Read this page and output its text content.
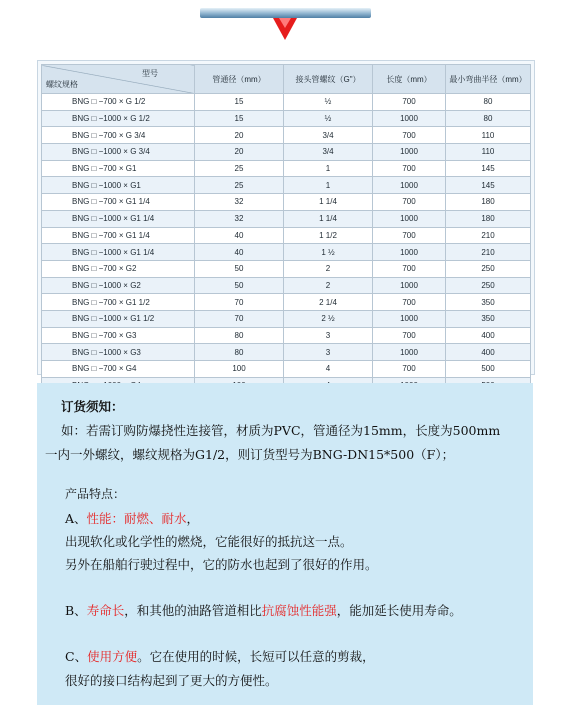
型号
螺纹规格	管通径（mm）	接头管螺纹（G"）	长度（mm）	最小弯曲半径（mm）
BNG □ −700 × G 1/2	15	½	700	80
BNG □ −1000 × G 1/2	15	½	1000	80
BNG □ −700 × G 3/4	20	3/4	700	110
BNG □ −1000 × G 3/4	20	3/4	1000	110
BNG □ −700 × G1	25	1	700	145
BNG □ −1000 × G1	25	1	1000	145
BNG □ −700 × G1 1/4	32	1 1/4	700	180
BNG □ −1000 × G1 1/4	32	1 1/4	1000	180
BNG □ −700 × G1 1/4	40	1 1/2	700	210
BNG □ −1000 × G1 1/4	40	1 ½	1000	210
BNG □ −700 × G2	50	2	700	250
BNG □ −1000 × G2	50	2	1000	250
BNG □ −700 × G1 1/2	70	2 1/4	700	350
BNG □ −1000 × G1 1/2	70	2 ½	1000	350
BNG □ −700 × G3	80	3	700	400
BNG □ −1000 × G3	80	3	1000	400
BNG □ −700 × G4	100	4	700	500

订货须知：

如：若需订购防爆挠性连接管，材质为PVC，管通径为15mm，长度为500mm

一内一外螺纹，螺纹规格为G1/2，则订货型号为BNG-DN15*500（F）；

产品特点：

A、性能：耐燃、耐水，

出现软化或化学性的燃烧，它能很好的抵抗这一点。

另外在船舶行驶过程中，它的防水也起到了很好的作用。

B、寿命长，和其他的油路管道相比抗腐蚀性能强，能加延长使用寿命。

C、使用方便。它在使用的时候，长短可以任意的剪裁，

很好的接口结构起到了更大的方便性。
